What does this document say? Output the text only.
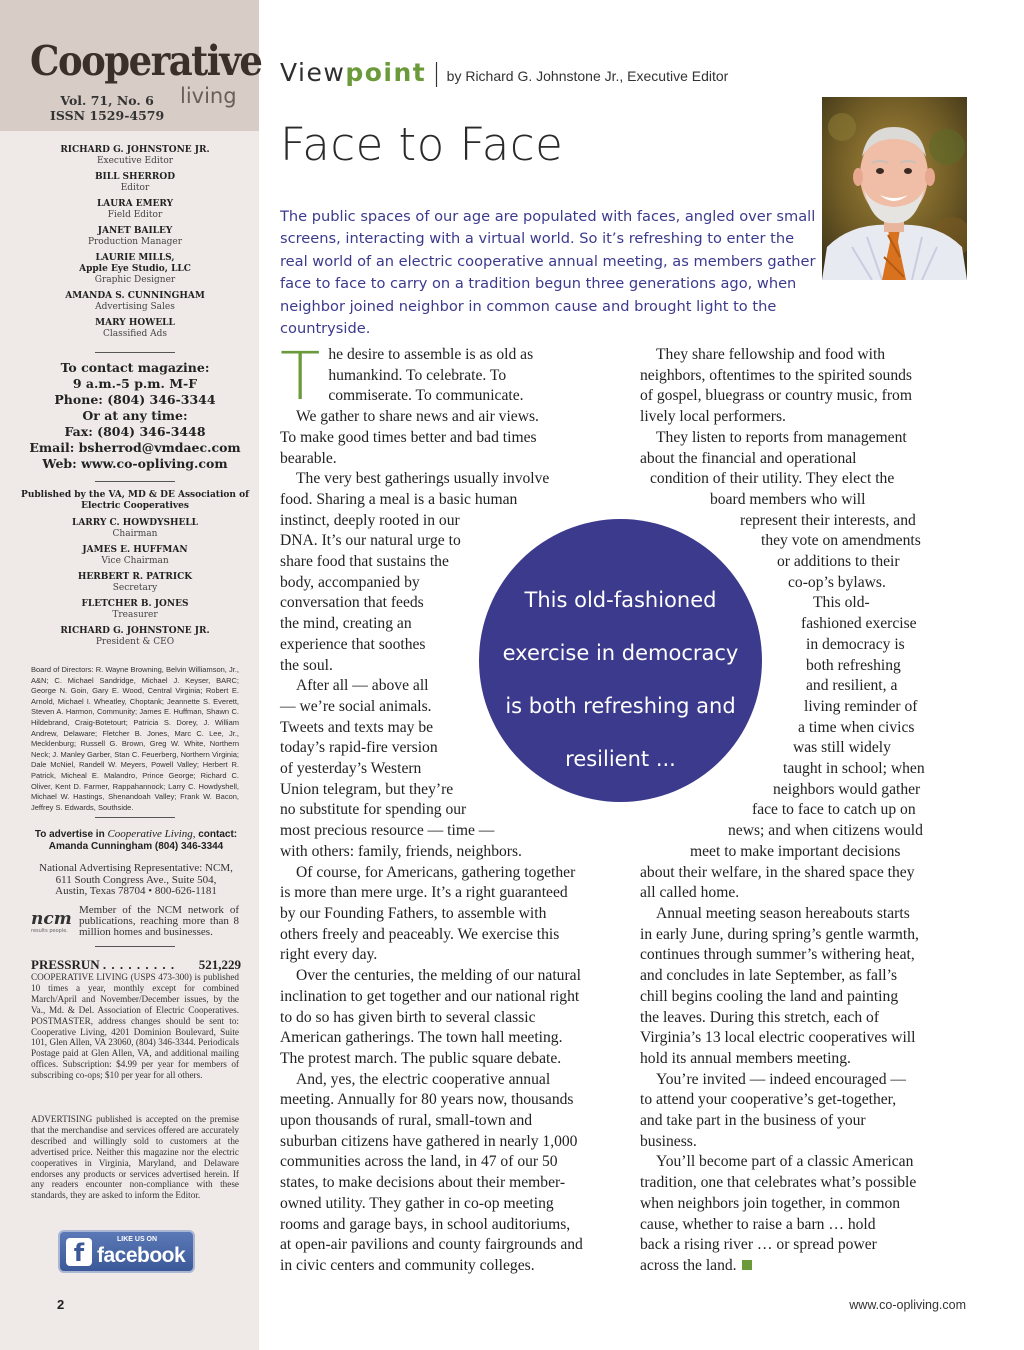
Cooperative
living
Vol. 71, No. 6
ISSN 1529-4579
RICHARD G. JOHNSTONE JR.
Executive Editor
BILL SHERROD
Editor
LAURA EMERY
Field Editor
JANET BAILEY
Production Manager
LAURIE MILLS,
Apple Eye Studio, LLC
Graphic Designer
AMANDA S. CUNNINGHAM
Advertising Sales
MARY HOWELL
Classified Ads
To contact magazine:
9 a.m.-5 p.m. M-F
Phone: (804) 346-3344
Or at any time:
Fax: (804) 346-3448
Email: bsherrod@vmdaec.com
Web: www.co-opliving.com
Published by the VA, MD & DE Association of Electric Cooperatives
LARRY C. HOWDYSHELL
Chairman
JAMES E. HUFFMAN
Vice Chairman
HERBERT R. PATRICK
Secretary
FLETCHER B. JONES
Treasurer
RICHARD G. JOHNSTONE JR.
President & CEO
Board of Directors: R. Wayne Browning, Belvin Williamson, Jr., A&N; C. Michael Sandridge, Michael J. Keyser, BARC; George N. Goin, Gary E. Wood, Central Virginia; Robert E. Arnold, Michael I. Wheatley, Choptank; Jeannette S. Everett, Steven A. Harmon, Community; James E. Huffman, Shawn C. Hildebrand, Craig-Botetourt; Patricia S. Dorey, J. William Andrew, Delaware; Fletcher B. Jones, Marc C. Lee, Jr., Mecklenburg; Russell G. Brown, Greg W. White, Northern Neck; J. Manley Garber, Stan C. Feuerberg, Northern Virginia; Dale McNiel, Randell W. Meyers, Powell Valley; Herbert R. Patrick, Micheal E. Malandro, Prince George; Richard C. Oliver, Kent D. Farmer, Rappahannock; Larry C. Howdyshell, Michael W. Hastings, Shenandoah Valley; Frank W. Bacon, Jeffrey S. Edwards, Southside.
To advertise in Cooperative Living, contact:
Amanda Cunningham (804) 346-3344
National Advertising Representative: NCM,
611 South Congress Ave., Suite 504,
Austin, Texas 78704 • 800-626-1181
ncm
results people.
Member of the NCM network of publications, reaching more than 8 million homes and businesses.
PRESSRUN . . . . . . . . . 521,229
COOPERATIVE LIVING (USPS 473-300) is published 10 times a year, monthly except for combined March/April and November/December issues, by the Va., Md. & Del. Association of Electric Cooperatives. POSTMASTER, address changes should be sent to: Cooperative Living, 4201 Dominion Boulevard, Suite 101, Glen Allen, VA 23060, (804) 346-3344. Periodicals Postage paid at Glen Allen, VA, and additional mailing offices. Subscription: $4.99 per year for members of subscribing co-ops; $10 per year for all others.
ADVERTISING published is accepted on the premise that the merchandise and services offered are accurately described and willingly sold to customers at the advertised price. Neither this magazine nor the electric cooperatives in Virginia, Maryland, and Delaware endorses any products or services advertised herein. If any readers encounter non-compliance with these standards, they are asked to inform the Editor.
f	LIKE US ON
facebook
2
Viewpoint | by Richard G. Johnstone Jr., Executive Editor
Face to Face
The public spaces of our age are populated with faces, angled over small screens, interacting with a virtual world. So it’s refreshing to enter the real world of an electric cooperative annual meeting, as members gather face to face to carry on a tradition begun three generations ago, when neighbor joined neighbor in common cause and brought light to the countryside.
T he desire to assemble is as old as
humankind. To celebrate. To
commiserate. To communicate.
We gather to share news and air views.
To make good times better and bad times
bearable.
The very best gatherings usually involve
food. Sharing a meal is a basic human
instinct, deeply rooted in our
DNA. It’s our natural urge to
share food that sustains the
body, accompanied by
conversation that feeds
the mind, creating an
experience that soothes
the soul.
After all — above all
— we’re social animals.
Tweets and texts may be
today’s rapid-fire version
of yesterday’s Western
Union telegram, but they’re
no substitute for spending our
most precious resource — time —
with others: family, friends, neighbors.
Of course, for Americans, gathering together
is more than mere urge. It’s a right guaranteed
by our Founding Fathers, to assemble with
others freely and peaceably. We exercise this
right every day.
Over the centuries, the melding of our natural
inclination to get together and our national right
to do so has given birth to several classic
American gatherings. The town hall meeting.
The protest march. The public square debate.
And, yes, the electric cooperative annual
meeting. Annually for 80 years now, thousands
upon thousands of rural, small-town and
suburban citizens have gathered in nearly 1,000
communities across the land, in 47 of our 50
states, to make decisions about their member-
owned utility. They gather in co-op meeting
rooms and garage bays, in school auditoriums,
at open-air pavilions and county fairgrounds and
in civic centers and community colleges.
They share fellowship and food with
neighbors, oftentimes to the spirited sounds
of gospel, bluegrass or country music, from
lively local performers.
They listen to reports from management
about the financial and operational
condition of their utility. They elect the
board members who will
represent their interests, and
they vote on amendments
or additions to their
co-op’s bylaws.
This old-
fashioned exercise
in democracy is
both refreshing
and resilient, a
living reminder of
a time when civics
was still widely
taught in school; when
neighbors would gather
face to face to catch up on
news; and when citizens would
meet to make important decisions
about their welfare, in the shared space they
all called home.
Annual meeting season hereabouts starts
in early June, during spring’s gentle warmth,
continues through summer’s withering heat,
and concludes in late September, as fall’s
chill begins cooling the land and painting
the leaves. During this stretch, each of
Virginia’s 13 local electric cooperatives will
hold its annual members meeting.
You’re invited — indeed encouraged —
to attend your cooperative’s get-together,
and take part in the business of your
business.
You’ll become part of a classic American
tradition, one that celebrates what’s possible
when neighbors join together, in common
cause, whether to raise a barn … hold
back a rising river … or spread power
across the land.
This old-fashioned
exercise in democracy
is both refreshing and
resilient ...
www.co-opliving.com
